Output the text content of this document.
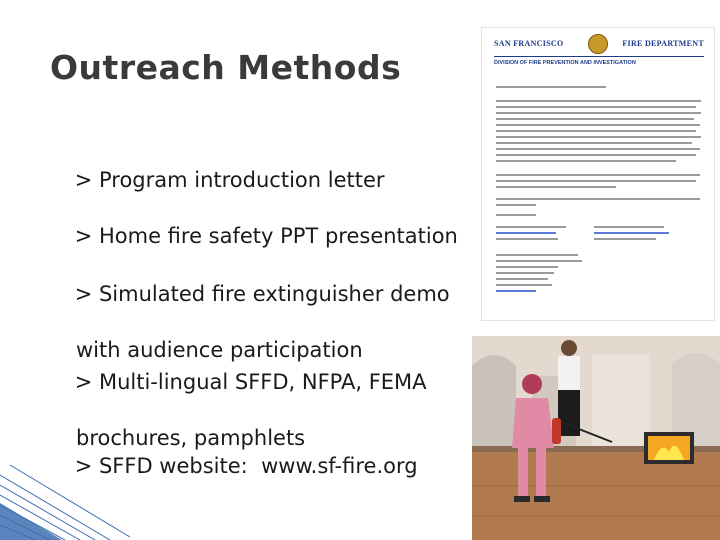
Outreach Methods

> Program introduction letter

> Home fire safety PPT presentation

> Simulated fire extinguisher demo

with audience participation

> Multi-lingual SFFD, NFPA, FEMA

brochures, pamphlets

> SFFD website:  www.sf-fire.org

SAN FRANCISCO	FIRE DEPARTMENT
DIVISION OF FIRE PREVENTION AND INVESTIGATION
